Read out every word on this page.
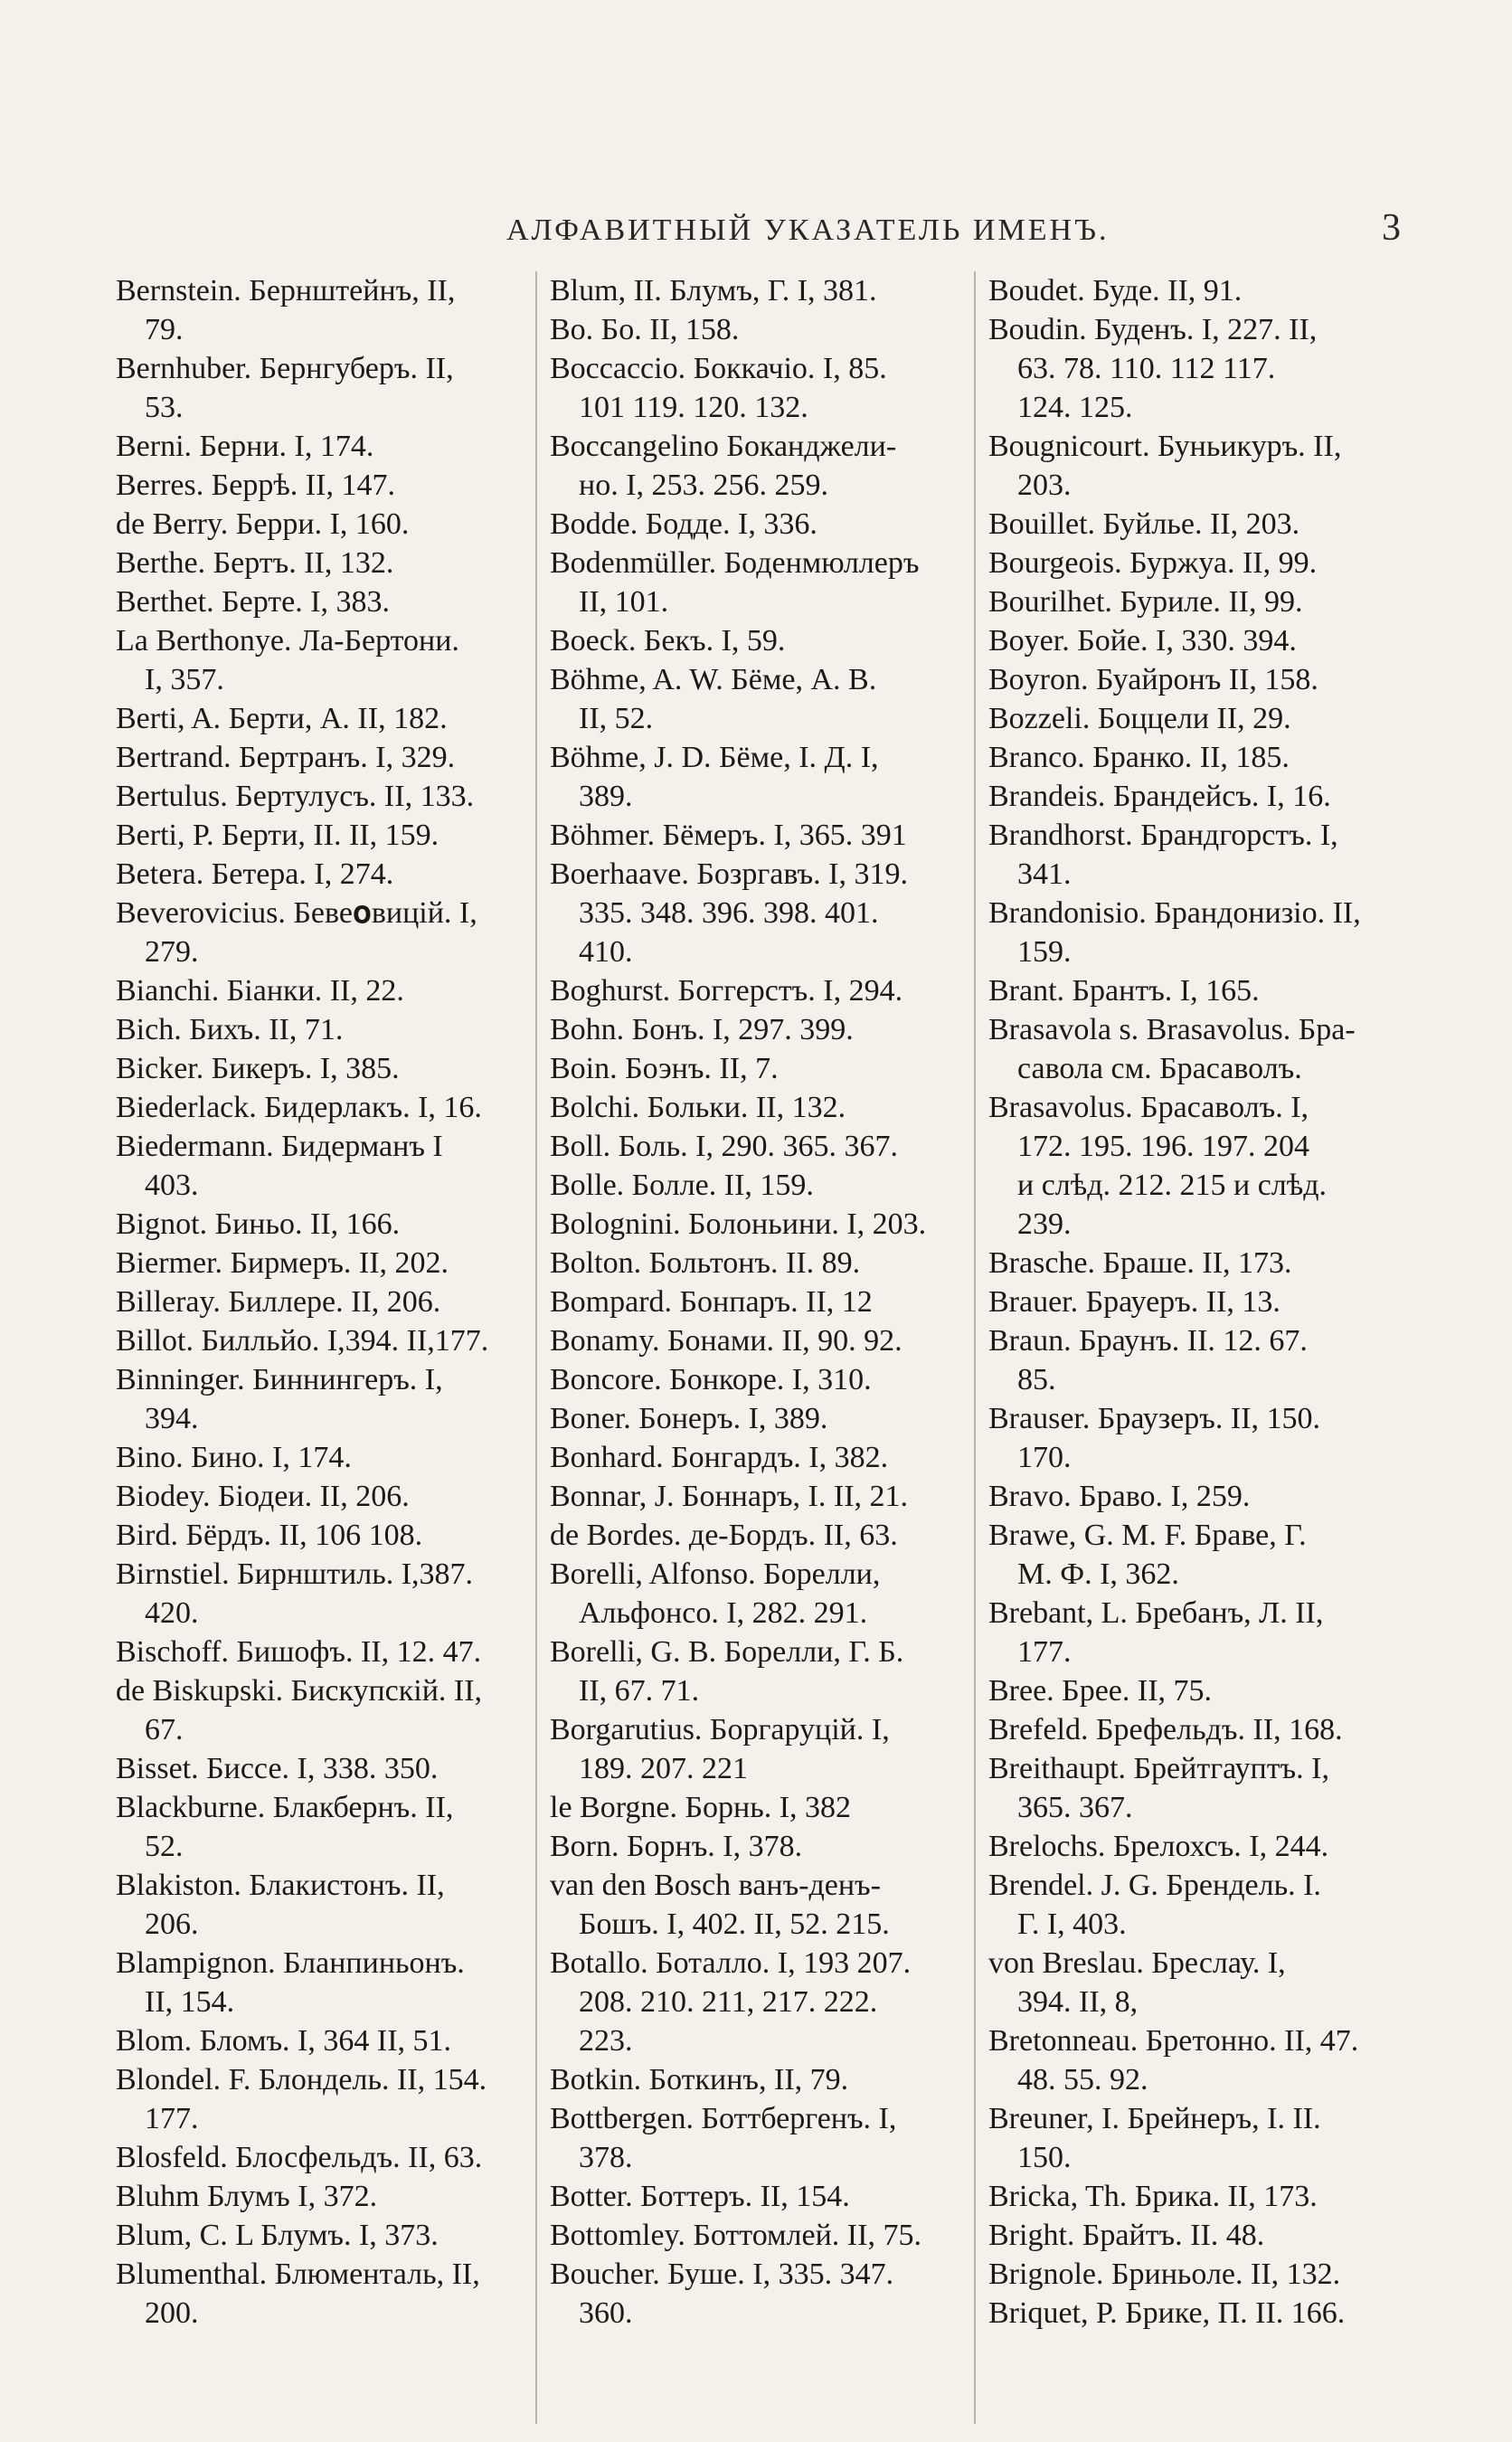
АЛФАВИТНЫЙ УКАЗАТЕЛЬ ИМЕНЪ.	3
Bernstein. Бернштейнъ, II,
79.
Bernhuber. Бернгуберъ. II,
53.
Berni. Берни. I, 174.
Berres. Беррѣ. II, 147.
de Berry. Берри. I, 160.
Berthe. Бертъ. II, 132.
Berthet. Берте. I, 383.
La Berthonye. Ла-Бертони.
I, 357.
Berti, A. Берти, A. II, 182.
Bertrand. Бертранъ. I, 329.
Bertulus. Бертулусъ. II, 133.
Berti, P. Берти, II. II, 159.
Betera. Бетера. I, 274.
Beverovicius. Беве𝐨вицій. I,
279.
Bianchi. Біанки. II, 22.
Bich. Бихъ. II, 71.
Bicker. Бикеръ. I, 385.
Biederlack. Бидерлакъ. I, 16.
Biedermann. Бидерманъ I
403.
Bignot. Биньо. II, 166.
Biermer. Бирмеръ. II, 202.
Billeray. Биллере. II, 206.
Billot. Билльйо. I,394. II,177.
Binninger. Биннингеръ. I,
394.
Bino. Бино. I, 174.
Biodey. Біодеи. II, 206.
Bird. Бёрдъ. II, 106 108.
Birnstiel. Бирнштиль. I,387.
420.
Bischoff. Бишофъ. II, 12. 47.
de Biskupski. Бискупскій. II,
67.
Bisset. Биссе. I, 338. 350.
Blackburne. Блакбернъ. II,
52.
Blakiston. Блакистонъ. II,
206.
Blampignon. Бланпиньонъ.
II, 154.
Blom. Бломъ. I, 364 II, 51.
Blondel. F. Блондель. II, 154.
177.
Blosfeld. Блосфельдъ. II, 63.
Bluhm Блумъ I, 372.
Blum, C. L Блумъ. I, 373.
Blumenthal. Блюменталь, II,
200.
Blum, II. Блумъ, Г. I, 381.
Bo. Бо. II, 158.
Boccaccio. Боккачіо. I, 85.
101 119. 120. 132.
Boccangelino Боканджели-
но. I, 253. 256. 259.
Bodde. Бодде. I, 336.
Bodenmüller. Боденмюллеръ
II, 101.
Boeck. Бекъ. I, 59.
Böhme, A. W. Бёме, A. B.
II, 52.
Böhme, J. D. Бёме, I. Д. I,
389.
Böhmer. Бёмеръ. I, 365. 391
Boerhaave. Бозргавъ. I, 319.
335. 348. 396. 398. 401.
410.
Boghurst. Боггерстъ. I, 294.
Bohn. Бонъ. I, 297. 399.
Boin. Боэнъ. II, 7.
Bolchi. Больки. II, 132.
Boll. Боль. I, 290. 365. 367.
Bolle. Болле. II, 159.
Bolognini. Болоньини. I, 203.
Bolton. Больтонъ. II. 89.
Bompard. Бонпаръ. II, 12
Bonamy. Бонами. II, 90. 92.
Boncore. Бонкоре. I, 310.
Boner. Бонеръ. I, 389.
Bonhard. Бонгардъ. I, 382.
Bonnar, J. Боннаръ, I. II, 21.
de Bordes. де-Бордъ. II, 63.
Borelli, Alfonso. Борелли,
Альфонсо. I, 282. 291.
Borelli, G. B. Борелли, Г. Б.
II, 67. 71.
Borgarutius. Боргаруцій. I,
189. 207. 221
le Borgne. Борнь. I, 382
Born. Борнъ. I, 378.
van den Bosch ванъ-денъ-
Бошъ. I, 402. II, 52. 215.
Botallo. Боталло. I, 193 207.
208. 210. 211, 217. 222.
223.
Botkin. Боткинъ, II, 79.
Bottbergen. Боттбергенъ. I,
378.
Botter. Боттеръ. II, 154.
Bottomley. Боттомлей. II, 75.
Boucher. Буше. I, 335. 347.
360.
Boudet. Буде. II, 91.
Boudin. Буденъ. I, 227. II,
63. 78. 110. 112 117.
124. 125.
Bougnicourt. Буньикуръ. II,
203.
Bouillet. Буйлье. II, 203.
Bourgeois. Буржуа. II, 99.
Bourilhet. Буриле. II, 99.
Boyer. Бойе. I, 330. 394.
Boyron. Буайронъ II, 158.
Bozzeli. Боццели II, 29.
Branco. Бранко. II, 185.
Brandeis. Брандейсъ. I, 16.
Brandhorst. Брандгорстъ. I,
341.
Brandonisio. Брандонизіо. II,
159.
Brant. Брантъ. I, 165.
Brasavola s. Brasavolus. Бра-
савола см. Брасаволъ.
Brasavolus. Брасаволъ. I,
172. 195. 196. 197. 204
и слѣд. 212. 215 и слѣд.
239.
Brasche. Браше. II, 173.
Brauer. Брауеръ. II, 13.
Braun. Браунъ. II. 12. 67.
85.
Brauser. Браузеръ. II, 150.
170.
Bravo. Браво. I, 259.
Brawe, G. M. F. Браве, Г.
М. Ф. I, 362.
Brebant, L. Бребанъ, Л. II,
177.
Bree. Брее. II, 75.
Brefeld. Брефельдъ. II, 168.
Breithaupt. Брейтгауптъ. I,
365. 367.
Brelochs. Брелохсъ. I, 244.
Brendel. J. G. Брендель. I.
Г. I, 403.
von Breslau. Бреслау. I,
394. II, 8,
Bretonneau. Бретонно. II, 47.
48. 55. 92.
Breuner, I. Брейнеръ, I. II.
150.
Bricka, Th. Брика. II, 173.
Bright. Брайтъ. II. 48.
Brignole. Бриньоле. II, 132.
Briquet, P. Брике, П. II. 166.
